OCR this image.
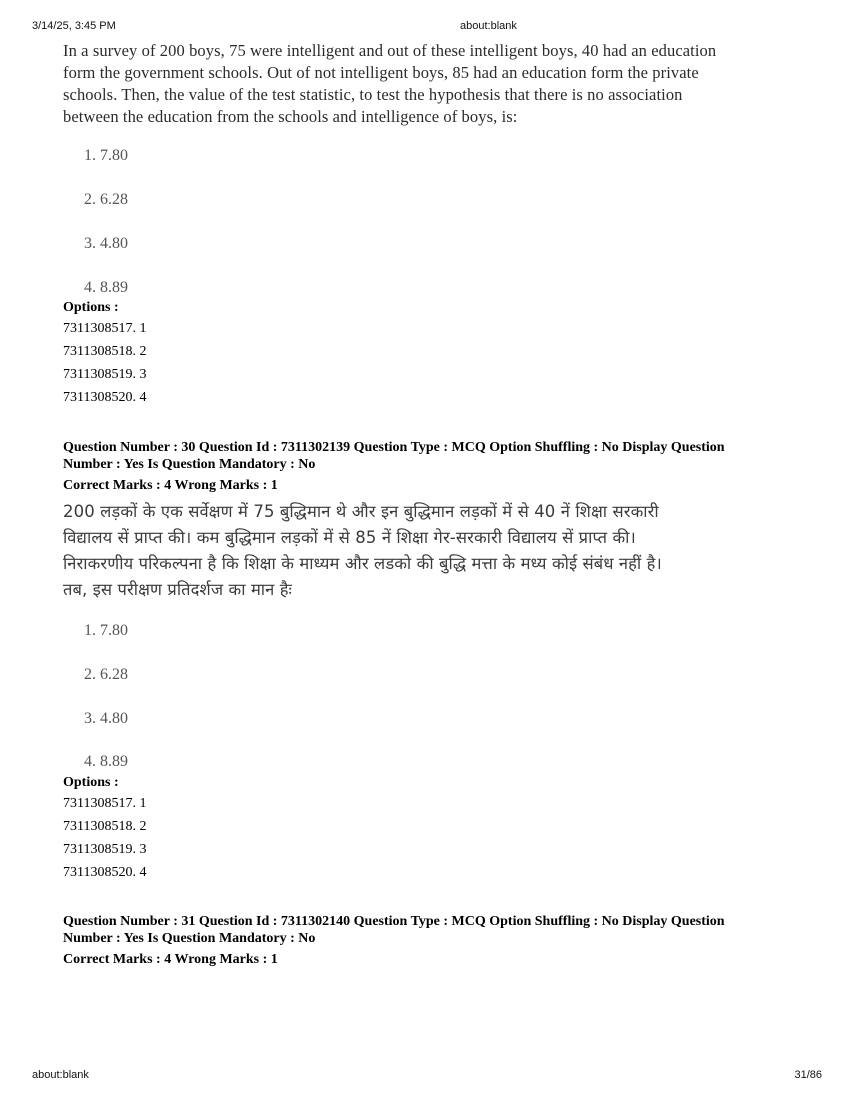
3/14/25, 3:45 PM	about:blank
In a survey of 200 boys, 75 were intelligent and out of these intelligent boys, 40 had an education
form the government schools. Out of not intelligent boys, 85 had an education form the private
schools. Then, the value of the test statistic, to test the hypothesis that there is no association
between the education from the schools and intelligence of boys, is:
1. 7.80
2. 6.28
3. 4.80
4. 8.89
Options :
7311308517. 1
7311308518. 2
7311308519. 3
7311308520. 4
Question Number : 30 Question Id : 7311302139 Question Type : MCQ Option Shuffling : No Display Question
Number : Yes Is Question Mandatory : No
Correct Marks : 4 Wrong Marks : 1
200 लड़कों के एक सर्वेक्षण में 75 बुद्धिमान थे और इन बुद्धिमान लड़कों में से 40 नें शिक्षा सरकारी
विद्यालय सें प्राप्त की। कम बुद्धिमान लड़कों में से 85 नें शिक्षा गेर-सरकारी विद्यालय सें प्राप्त की।
निराकरणीय परिकल्पना है कि शिक्षा के माध्यम और लडको की बुद्धि मत्ता के मध्य कोई संबंध नहीं है।
तब, इस परीक्षण प्रतिदर्शज का मान हैः
1. 7.80
2. 6.28
3. 4.80
4. 8.89
Options :
7311308517. 1
7311308518. 2
7311308519. 3
7311308520. 4
Question Number : 31 Question Id : 7311302140 Question Type : MCQ Option Shuffling : No Display Question
Number : Yes Is Question Mandatory : No
Correct Marks : 4 Wrong Marks : 1
about:blank	31/86
